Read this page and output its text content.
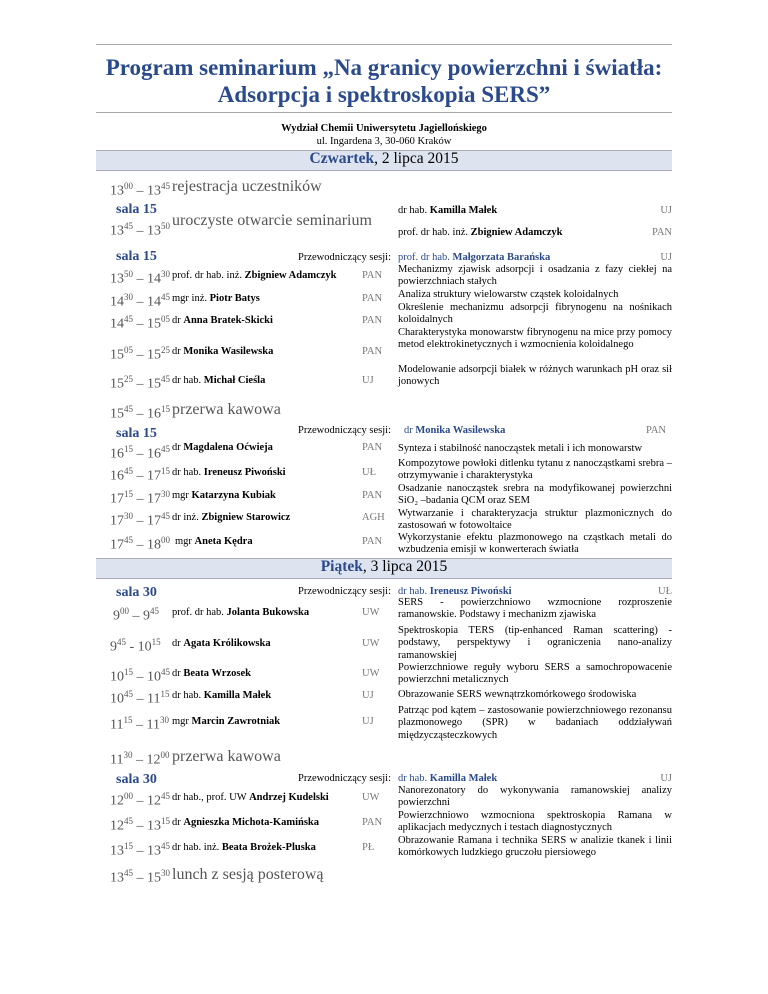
Program seminarium „Na granicy powierzchni i światła:
Adsorpcja i spektroskopia SERS”
Wydział Chemii Uniwersytetu Jagiellońskiego
ul. Ingardena 3, 30-060 Kraków
Czwartek, 2 lipca 2015
$13^{00} - 13^{45}$ rejestracja uczestników
sala 15
$13^{45} - 13^{50}$ uroczyste otwarcie seminarium
dr hab. Kamilla Małek	UJ
prof. dr hab. inż. Zbigniew Adamczyk	PAN
sala 15	Przewodniczący sesji: prof. dr hab. Małgorzata Barańska	UJ
$13^{50} - 14^{30}$ prof. dr hab. inż. Zbigniew Adamczyk PAN
Mechanizmy zjawisk adsorpcji i osadzania z fazy ciekłej na powierzchniach stałych
$14^{30} - 14^{45}$ mgr inż. Piotr Batys	PAN Analiza struktury wielowarstw cząstek koloidalnych
$14^{45} - 15^{05}$ dr Anna Bratek-Skicki	PAN
Określenie mechanizmu adsorpcji fibrynogenu na nośnikach koloidalnych
$15^{05} - 15^{25}$ dr Monika Wasilewska	PAN
Charakterystyka monowarstw fibrynogenu na mice przy pomocy metod elektrokinetycznych i wzmocnienia koloidalnego
$15^{25} - 15^{45}$ dr hab. Michał Cieśla	UJ
Modelowanie adsorpcji białek w różnych warunkach pH oraz sił jonowych
$15^{45} - 16^{15}$ przerwa kawowa
sala 15	Przewodniczący sesji: dr Monika Wasilewska	PAN
$16^{15} - 16^{45}$ dr Magdalena Oćwieja	PAN Synteza i stabilność nanocząstek metali i ich monowarstw
$16^{45} - 17^{15}$ dr hab. Ireneusz Piwoński	UŁ
Kompozytowe powłoki ditlenku tytanu z nanocząstkami srebra – otrzymywanie i charakterystyka
$17^{15} - 17^{30}$ mgr Katarzyna Kubiak	PAN
Osadzanie nanocząstek srebra na modyfikowanej powierzchni SiO₂ –badania QCM oraz SEM
$17^{30} - 17^{45}$ dr inż. Zbigniew Starowicz	AGH Wytwarzanie i charakteryzacja struktur plazmonicznych do zastosowań w fotowoltaice
$17^{45} - 18^{00}$ mgr Aneta Kędra	PAN Wykorzystanie efektu plazmonowego na cząstkach metali do wzbudzenia emisji w konwerterach światła
Piątek, 3 lipca 2015
sala 30	Przewodniczący sesji: dr hab. Ireneusz Piwoński	UŁ
$9^{00} - 9^{45}$ prof. dr hab. Jolanta Bukowska	UW
SERS - powierzchniowo wzmocnione rozproszenie ramanowskie. Podstawy i mechanizm zjawiska
$9^{45} - 10^{15}$ dr Agata Królikowska	UW
Spektroskopia TERS (tip-enhanced Raman scattering) - podstawy, perspektywy i ograniczenia nano-analizy ramanowskiej
$10^{15} - 10^{45}$ dr Beata Wrzosek	UW
Powierzchniowe reguły wyboru SERS a samochropowacenie powierzchni metalicznych
$10^{45} - 11^{15}$ dr hab. Kamilla Małek	UJ Obrazowanie SERS wewnątrzkomórkowego środowiska
$11^{15} - 11^{30}$ mgr Marcin Zawrotniak	UJ
Patrząc pod kątem – zastosowanie powierzchniowego rezonansu plazmonowego (SPR) w badaniach oddziaływań międzycząsteczkowych
$11^{30} - 12^{00}$ przerwa kawowa
sala 30	Przewodniczący sesji: dr hab. Kamilla Małek	UJ
$12^{00} - 12^{45}$ dr hab., prof. UW Andrzej Kudelski	UW
Nanorezonatory do wykonywania ramanowskiej analizy powierzchni
$12^{45} - 13^{15}$ dr Agnieszka Michota-Kamińska	PAN
Powierzchniowo wzmocniona spektroskopia Ramana w aplikacjach medycznych i testach diagnostycznych
$13^{15} - 13^{45}$ dr hab. inż. Beata Brożek-Pluska	PŁ
Obrazowanie Ramana i technika SERS w analizie tkanek i linii komórkowych ludzkiego gruczołu piersiowego
$13^{45} - 15^{30}$ lunch z sesją posterową
